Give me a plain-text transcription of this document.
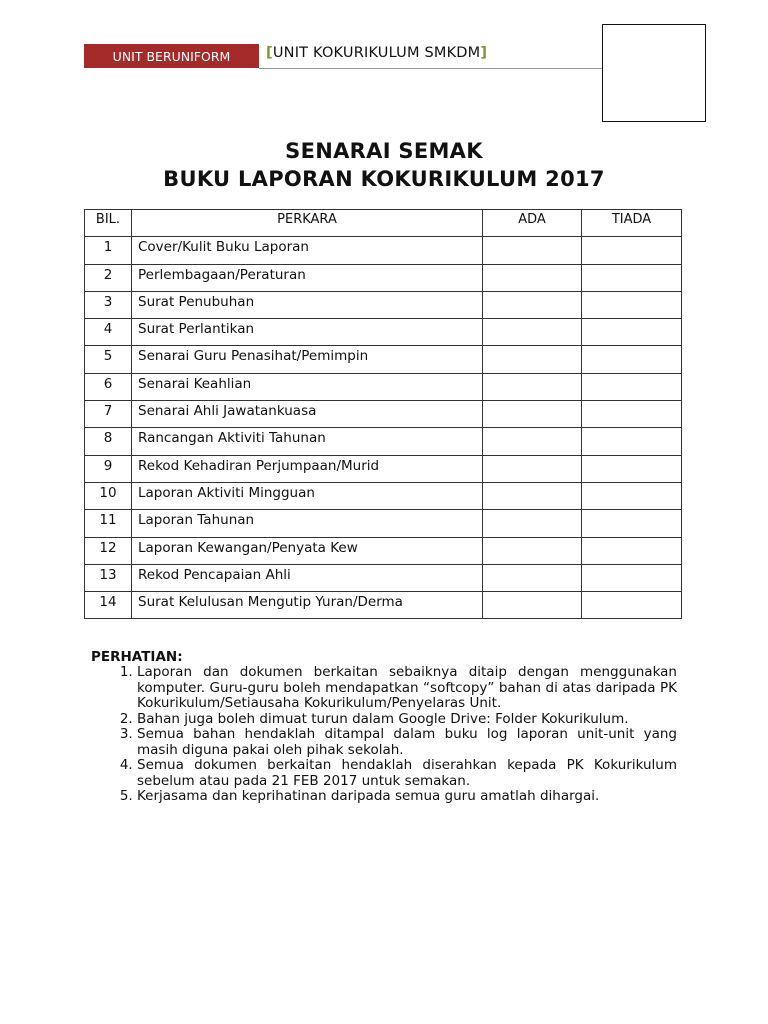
UNIT BERUNIFORM [UNIT KOKURIKULUM SMKDM]
SENARAI SEMAK
BUKU LAPORAN KOKURIKULUM 2017
BIL.	PERKARA	ADA	TIADA
1	Cover/Kulit Buku Laporan		
2	Perlembagaan/Peraturan		
3	Surat Penubuhan		
4	Surat Perlantikan		
5	Senarai Guru Penasihat/Pemimpin		
6	Senarai Keahlian		
7	Senarai Ahli Jawatankuasa		
8	Rancangan Aktiviti Tahunan		
9	Rekod Kehadiran Perjumpaan/Murid		
10	Laporan Aktiviti Mingguan		
11	Laporan Tahunan		
12	Laporan Kewangan/Penyata Kew		
13	Rekod Pencapaian Ahli		
14	Surat Kelulusan Mengutip Yuran/Derma		

PERHATIAN:

1. Laporan dan dokumen berkaitan sebaiknya ditaip dengan menggunakan komputer. Guru-guru boleh mendapatkan “softcopy” bahan di atas daripada PK Kokurikulum/Setiausaha Kokurikulum/Penyelaras Unit.
2. Bahan juga boleh dimuat turun dalam Google Drive: Folder Kokurikulum.
3. Semua bahan hendaklah ditampal dalam buku log laporan unit-unit yang masih diguna pakai oleh pihak sekolah.
4. Semua dokumen berkaitan hendaklah diserahkan kepada PK Kokurikulum sebelum atau pada 21 FEB 2017 untuk semakan.
5. Kerjasama dan keprihatinan daripada semua guru amatlah dihargai.
